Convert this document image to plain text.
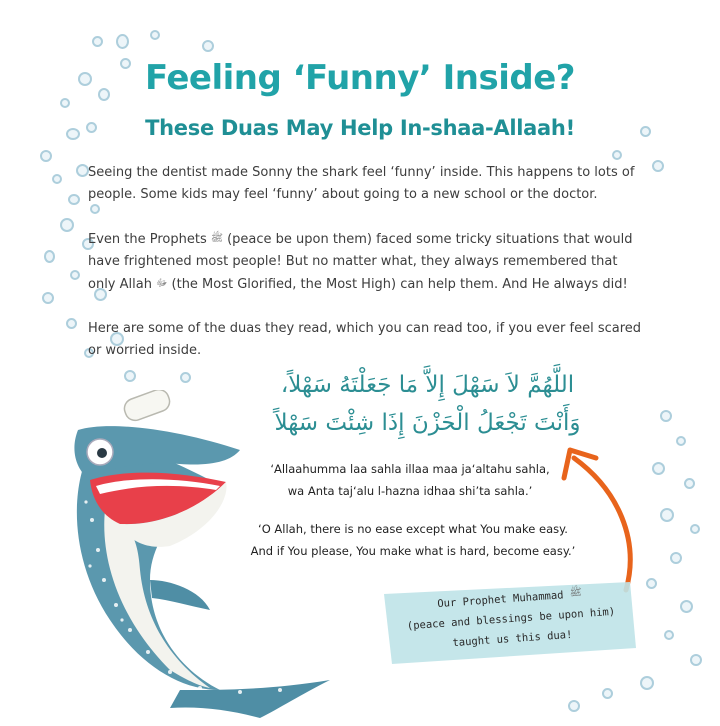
Feeling ‘Funny’ Inside?
These Duas May Help In-shaa-Allaah!
Seeing the dentist made Sonny the shark feel ‘funny’ inside. This happens to lots of people. Some kids may feel ‘funny’ about going to a new school or the doctor.
Even the Prophets ﷺ (peace be upon them) faced some tricky situations that would have frightened most people! But no matter what, they always remembered that only Allah ﷻ (the Most Glorified, the Most High) can help them. And He always did!
Here are some of the duas they read, which you can read too, if you ever feel scared or worried inside.
اللَّهُمَّ لاَ سَهْلَ إِلاَّ مَا جَعَلْتَهُ سَهْلاً،
وَأَنْتَ تَجْعَلُ الْحَزْنَ إِذَا شِئْتَ سَهْلاً
‘Allaahumma laa sahla illaa maa ja‘altahu sahla,
wa Anta taj‘alu l-hazna idhaa shi’ta sahla.’
‘O Allah, there is no ease except what You make easy.
And if You please, You make what is hard, become easy.’
Our Prophet Muhammad ﷺ
(peace and blessings be upon him)
taught us this dua!
